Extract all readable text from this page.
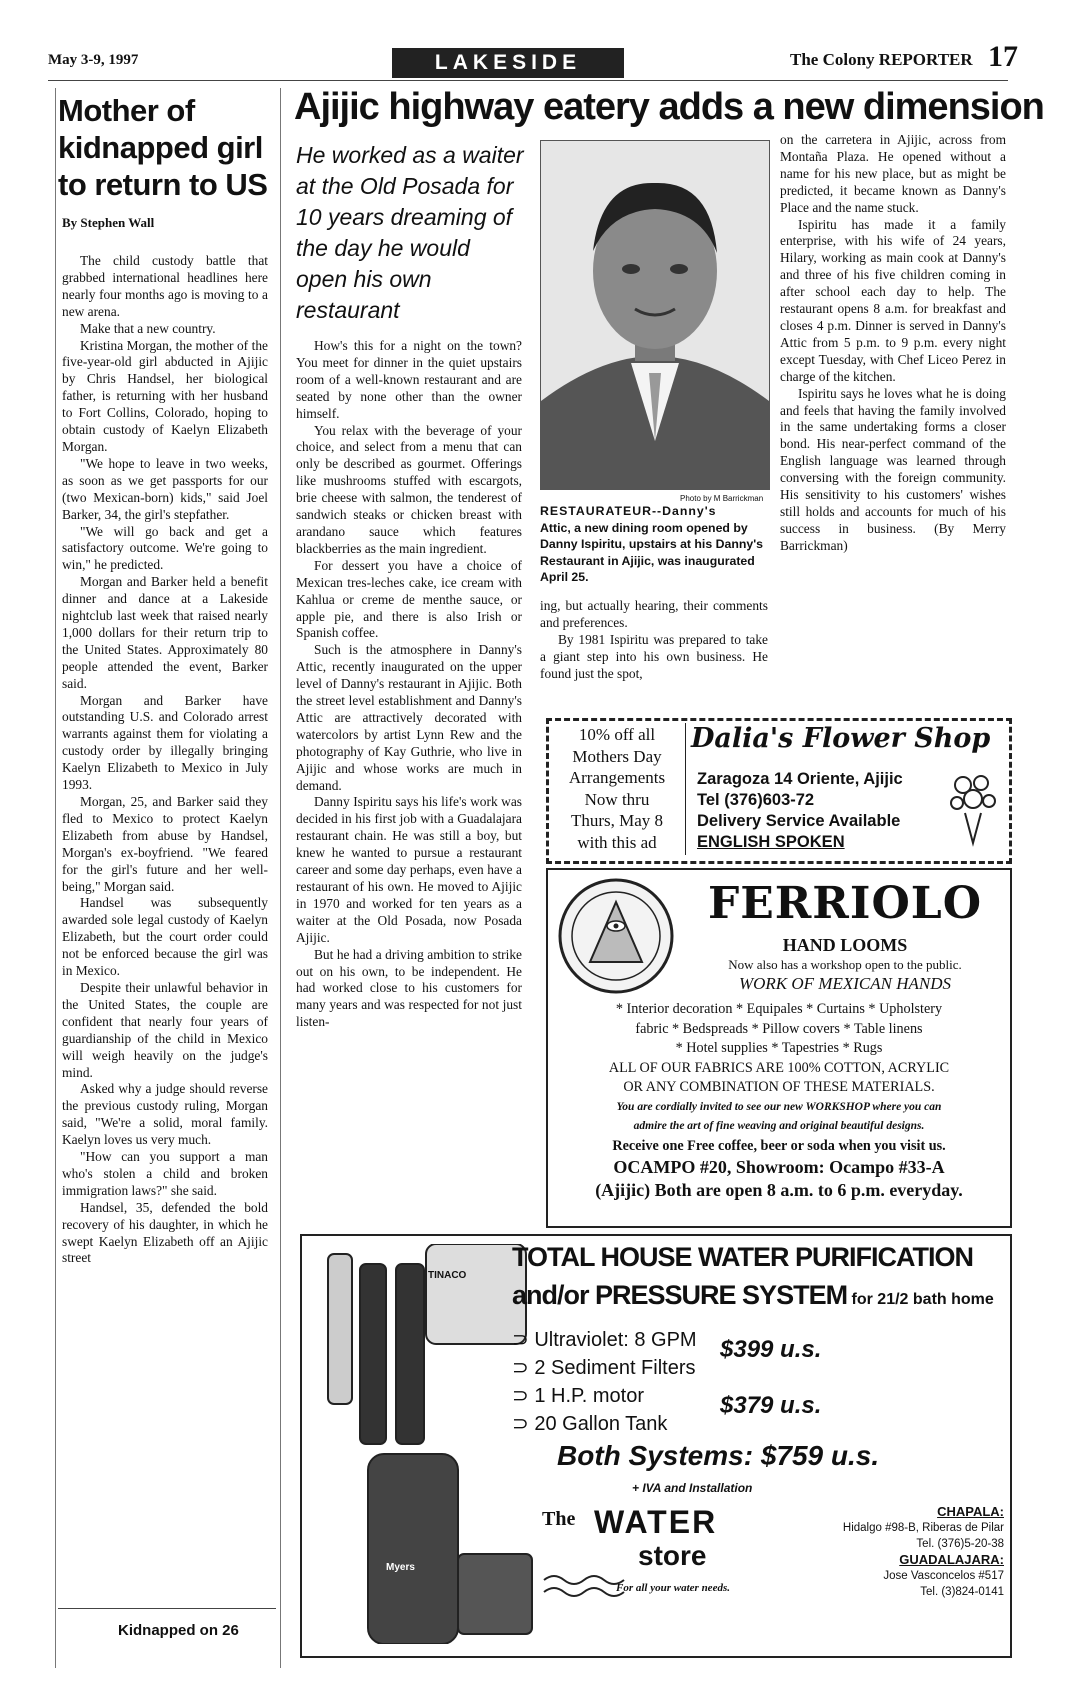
May 3-9, 1997	LAKESIDE	The Colony REPORTER 17
Mother of kidnapped girl to return to US
By Stephen Wall

The child custody battle that grabbed international headlines here nearly four months ago is moving to a new arena.

Make that a new country.

Kristina Morgan, the mother of the five-year-old girl abducted in Ajijic by Chris Handsel, her biological father, is returning with her husband to Fort Collins, Colorado, hoping to obtain custody of Kaelyn Elizabeth Morgan.

"We hope to leave in two weeks, as soon as we get passports for our (two Mexican-born) kids," said Joel Barker, 34, the girl's stepfather.

"We will go back and get a satisfactory outcome. We're going to win," he predicted.

Morgan and Barker held a benefit dinner and dance at a Lakeside nightclub last week that raised nearly 1,000 dollars for their return trip to the United States. Approximately 80 people attended the event, Barker said.

Morgan and Barker have outstanding U.S. and Colorado arrest warrants against them for violating a custody order by illegally bringing Kaelyn Elizabeth to Mexico in July 1993.

Morgan, 25, and Barker said they fled to Mexico to protect Kaelyn Elizabeth from abuse by Handsel, Morgan's ex-boyfriend. "We feared for the girl's future and her well-being," Morgan said.

Handsel was subsequently awarded sole legal custody of Kaelyn Elizabeth, but the court order could not be enforced because the girl was in Mexico.

Despite their unlawful behavior in the United States, the couple are confident that nearly four years of guardianship of the child in Mexico will weigh heavily on the judge's mind.

Asked why a judge should reverse the previous custody ruling, Morgan said, "We're a solid, moral family. Kaelyn loves us very much.

"How can you support a man who's stolen a child and broken immigration laws?" she said.

Handsel, 35, defended the bold recovery of his daughter, in which he swept Kaelyn Elizabeth off an Ajijic street

Kidnapped on 26
Ajijic highway eatery adds a new dimension
He worked as a waiter at the Old Posada for 10 years dreaming of the day he would open his own restaurant

How's this for a night on the town? You meet for dinner in the quiet upstairs room of a well-known restaurant and are seated by none other than the owner himself.

You relax with the beverage of your choice, and select from a menu that can only be described as gourmet. Offerings like mushrooms stuffed with escargots, brie cheese with salmon, the tenderest of sandwich steaks or chicken breast with arandano sauce which features blackberries as the main ingredient.

For dessert you have a choice of Mexican tres-leches cake, ice cream with Kahlua or creme de menthe sauce, or apple pie, and there is also Irish or Spanish coffee.

Such is the atmosphere in Danny's Attic, recently inaugurated on the upper level of Danny's restaurant in Ajijic. Both the street level establishment and Danny's Attic are attractively decorated with watercolors by artist Lynn Rew and the photography of Kay Guthrie, who live in Ajijic and whose works are much in demand.

Danny Ispiritu says his life's work was decided in his first job with a Guadalajara restaurant chain. He was still a boy, but knew he wanted to pursue a restaurant career and some day perhaps, even have a restaurant of his own. He moved to Ajijic in 1970 and worked for ten years as a waiter at the Old Posada, now Posada Ajijic.

But he had a driving ambition to strike out on his own, to be independent. He had worked close to his customers for many years and was respected for not just listen-

Photo by M Barrickman
RESTAURATEUR--Danny's
Attic, a new dining room opened by Danny Ispiritu, upstairs at his Danny's Restaurant in Ajijic, was inaugurated April 25.

ing, but actually hearing, their comments and preferences.

By 1981 Ispiritu was prepared to take a giant step into his own business. He found just the spot,

on the carretera in Ajijic, across from Montaña Plaza. He opened without a name for his new place, but as might be predicted, it became known as Danny's Place and the name stuck.

Ispiritu has made it a family enterprise, with his wife of 24 years, Hilary, working as main cook at Danny's and three of his five children coming in after school each day to help. The restaurant opens 8 a.m. for breakfast and closes 4 p.m. Dinner is served in Danny's Attic from 5 p.m. to 9 p.m. every night except Tuesday, with Chef Liceo Perez in charge of the kitchen.

Ispiritu says he loves what he is doing and feels that having the family involved in the same undertaking forms a closer bond. His near-perfect command of the English language was learned through conversing with the foreign community. His sensitivity to his customers' wishes still holds and accounts for much of his success in business. (By Merry Barrickman)

10% off all
Mothers Day
Arrangements
Now thru
Thurs, May 8
with this ad
Dalia's Flower Shop
Zaragoza 14 Oriente, Ajijic
Tel (376)603-72
Delivery Service Available
ENGLISH SPOKEN
FERRIOLO
HAND LOOMS
Now also has a workshop open to the public.
WORK OF MEXICAN HANDS
* Interior decoration * Equipales * Curtains * Upholstery
fabric * Bedspreads * Pillow covers * Table linens
* Hotel supplies * Tapestries * Rugs
ALL OF OUR FABRICS ARE 100% COTTON, ACRYLIC
OR ANY COMBINATION OF THESE MATERIALS.
You are cordially invited to see our new WORKSHOP where you can
admire the art of fine weaving and original beautiful designs.
Receive one Free coffee, beer or soda when you visit us.
OCAMPO #20, Showroom: Ocampo #33-A
(Ajijic) Both are open 8 a.m. to 6 p.m. everyday.
TINACO
Myers
TOTAL HOUSE WATER PURIFICATION
and/or PRESSURE SYSTEM for 21/2 bath home
⊃ Ultraviolet: 8 GPM
⊃ 2 Sediment Filters
⊃ 1 H.P. motor
⊃ 20 Gallon Tank
$399 u.s.
$379 u.s.
Both Systems: $759 u.s.
+ IVA and Installation
The WATER
store
For all your water needs.
CHAPALA:
Hidalgo #98-B, Riberas de Pilar
Tel. (376)5-20-38
GUADALAJARA:
Jose Vasconcelos #517
Tel. (3)824-0141
